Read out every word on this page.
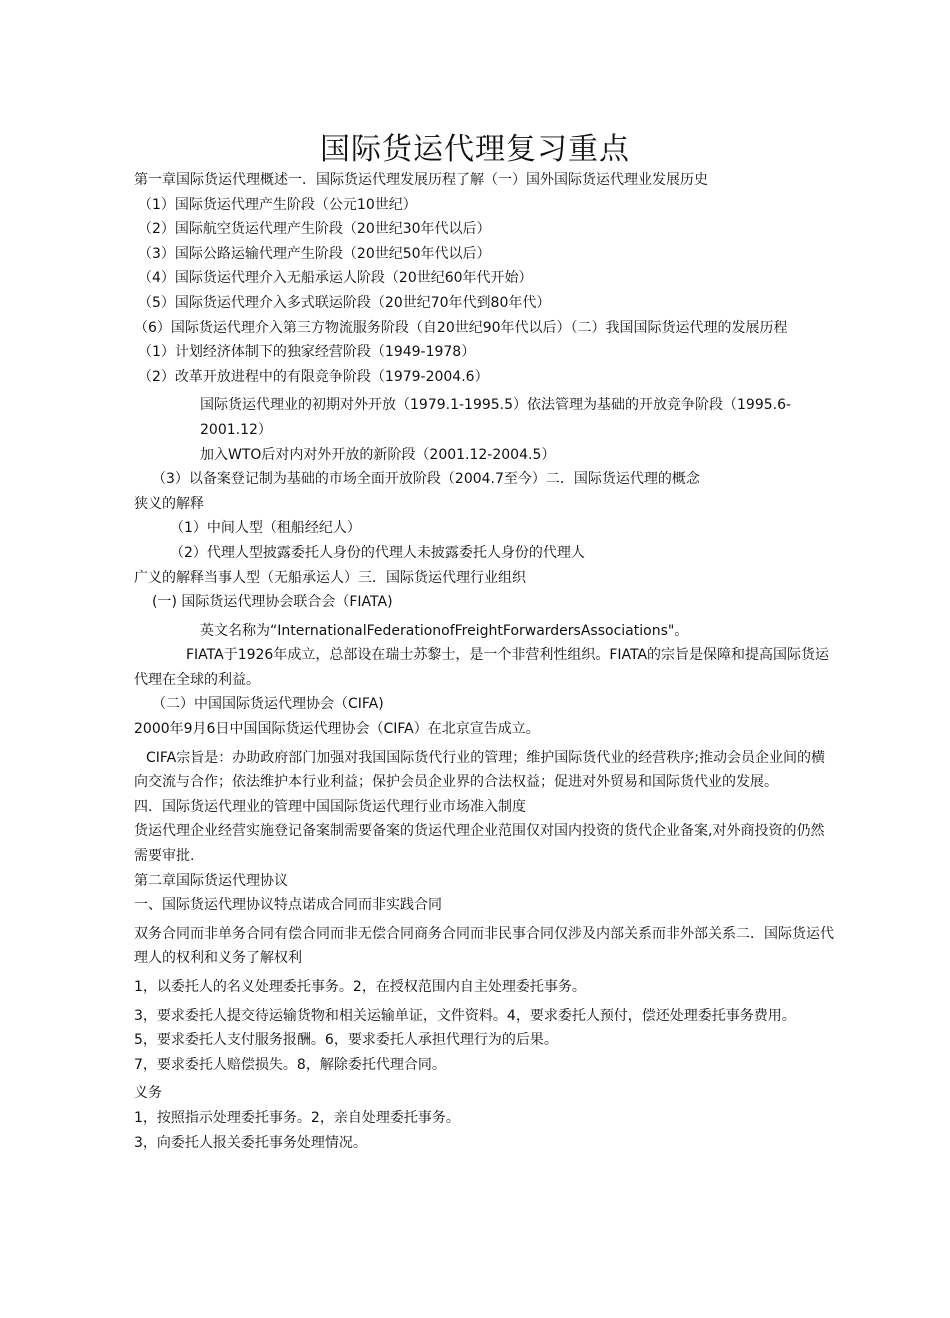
国际货运代理复习重点
第一章国际货运代理概述一．国际货运代理发展历程了解（一）国外国际货运代理业发展历史
（1）国际货运代理产生阶段（公元10世纪）
（2）国际航空货运代理产生阶段（20世纪30年代以后）
（3）国际公路运输代理产生阶段（20世纪50年代以后）
（4）国际货运代理介入无船承运人阶段（20世纪60年代开始）
（5）国际货运代理介入多式联运阶段（20世纪70年代到80年代）
（6）国际货运代理介入第三方物流服务阶段（自20世纪90年代以后）（二）我国国际货运代理的发展历程
（1）计划经济体制下的独家经营阶段（1949-1978）
（2）改革开放进程中的有限竞争阶段（1979-2004.6）
国际货运代理业的初期对外开放（1979.1-1995.5）依法管理为基础的开放竞争阶段（1995.6-2001.12）
加入WTO后对内对外开放的新阶段（2001.12-2004.5）
（3）以备案登记制为基础的市场全面开放阶段（2004.7至今）二．国际货运代理的概念
狭义的解释
（1）中间人型（租船经纪人）
（2）代理人型披露委托人身份的代理人未披露委托人身份的代理人
广义的解释当事人型（无船承运人）三．国际货运代理行业组织
(一) 国际货运代理协会联合会（FIATA)
英文名称为“InternationalFederationofFreightForwardersAssociations"。
FIATA于1926年成立，总部设在瑞士苏黎士，是一个非营利性组织。FIATA的宗旨是保障和提高国际货运代理在全球的利益。
（二）中国国际货运代理协会（CIFA)
2000年9月6日中国国际货运代理协会（CIFA）在北京宣告成立。
CIFA宗旨是：办助政府部门加强对我国国际货代行业的管理；维护国际货代业的经营秩序;推动会员企业间的横向交流与合作；依法维护本行业利益；保护会员企业界的合法权益；促进对外贸易和国际货代业的发展。
四．国际货运代理业的管理中国国际货运代理行业市场准入制度
货运代理企业经营实施登记备案制需要备案的货运代理企业范围仅对国内投资的货代企业备案,对外商投资的仍然需要审批.
第二章国际货运代理协议
一、国际货运代理协议特点诺成合同而非实践合同
双务合同而非单务合同有偿合同而非无偿合同商务合同而非民事合同仅涉及内部关系而非外部关系二．国际货运代理人的权利和义务了解权利
1，以委托人的名义处理委托事务。2，在授权范围内自主处理委托事务。
3，要求委托人提交待运输货物和相关运输单证，文件资料。4，要求委托人预付，偿还处理委托事务费用。
5，要求委托人支付服务报酬。6，要求委托人承担代理行为的后果。
7，要求委托人赔偿损失。8，解除委托代理合同。
义务
1，按照指示处理委托事务。2，亲自处理委托事务。
3，向委托人报关委托事务处理情况。
